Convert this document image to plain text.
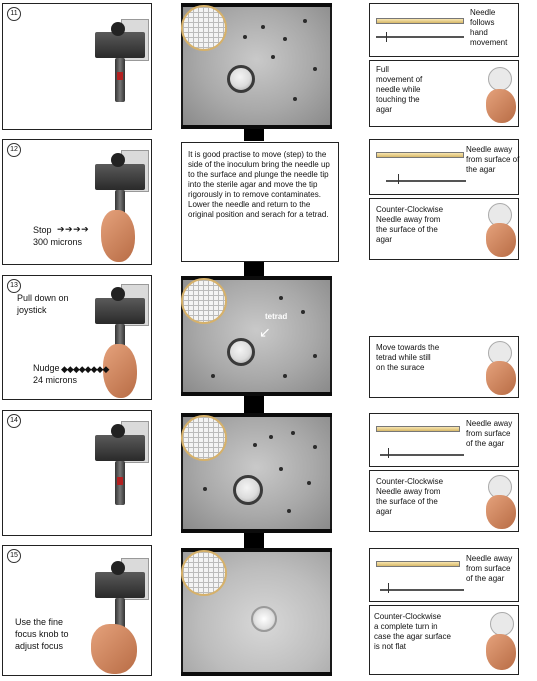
11	Needle
follows
hand
movement
Full
movement of
needle while
touching the
agar
12
➔ ➔ ➔ ➔
Stop
300 microns
It is good practise to move (step) to the side of the inoculum bring the needle up to the surface and plunge the needle tip into the sterile agar and move the tip rigorously in to remove contaminates. Lower the needle and return to the original position and serach for a tetrad.
Needle away
from surface of
the agar
Counter-Clockwise
Needle away from
the surface of the
agar
13
Pull down on
joystick
◆◆◆◆◆◆◆◆
Nudge
24 microns
tetrad
↙
Move towards the
tetrad while still
on the surace
14	Needle away
from surface
of the agar
Counter-Clockwise
Needle away from
the surface of the
agar
15
Use the fine
focus knob to
adjust focus
Needle away
from surface
of the agar
Counter-Clockwise
a complete turn in
case the agar surface
is not flat
